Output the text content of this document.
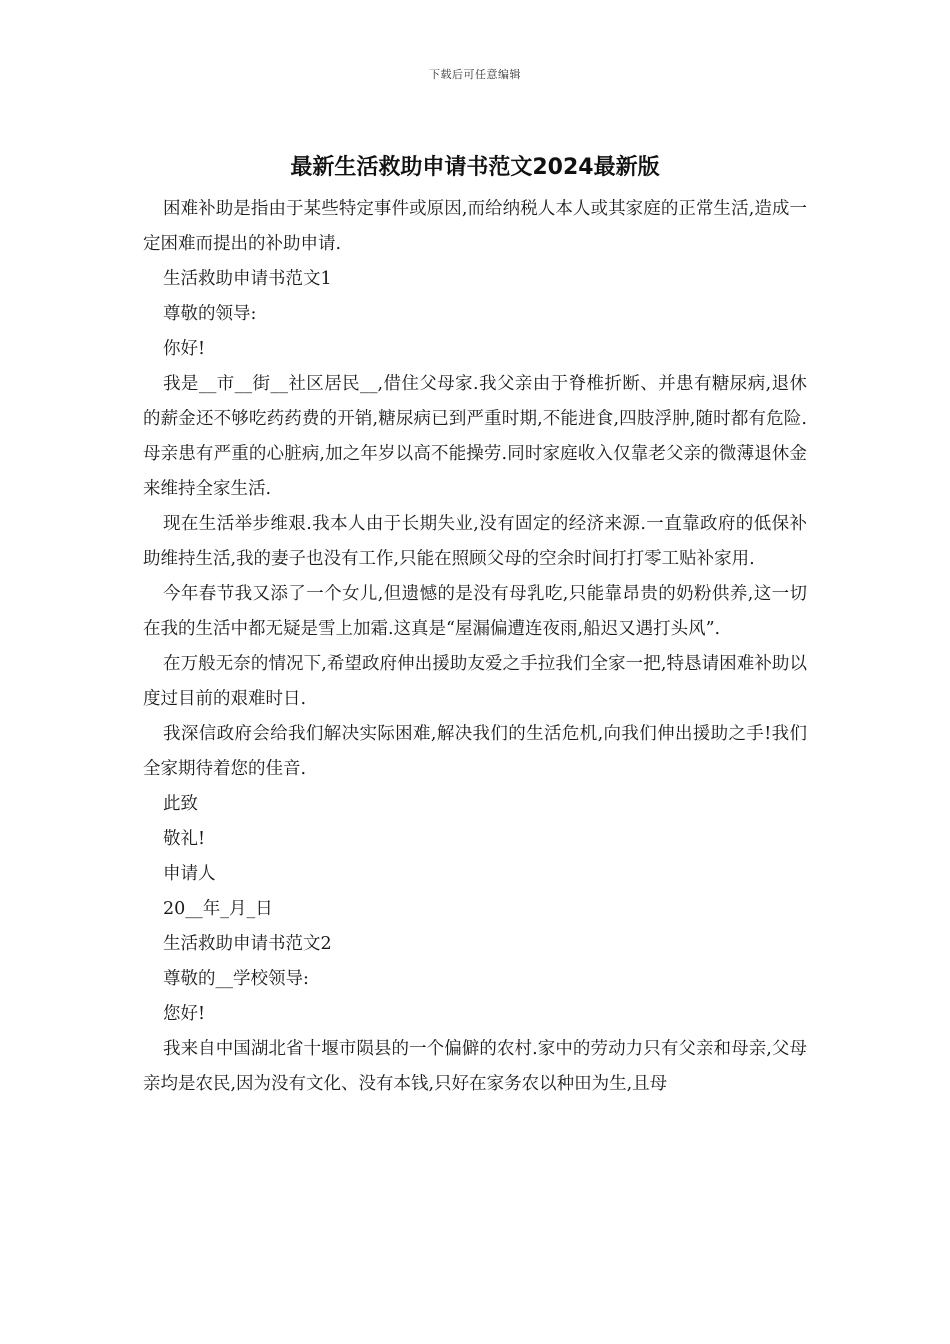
下载后可任意编辑
最新生活救助申请书范文2024最新版

困难补助是指由于某些特定事件或原因,而给纳税人本人或其家庭的正常生活,造成一定困难而提出的补助申请.

生活救助申请书范文1

尊敬的领导:

你好!

我是__市__街__社区居民__,借住父母家.我父亲由于脊椎折断、并患有糖尿病,退休的薪金还不够吃药药费的开销,糖尿病已到严重时期,不能进食,四肢浮肿,随时都有危险.母亲患有严重的心脏病,加之年岁以高不能操劳.同时家庭收入仅靠老父亲的微薄退休金来维持全家生活.

现在生活举步维艰.我本人由于长期失业,没有固定的经济来源.一直靠政府的低保补助维持生活,我的妻子也没有工作,只能在照顾父母的空余时间打打零工贴补家用.

今年春节我又添了一个女儿,但遗憾的是没有母乳吃,只能靠昂贵的奶粉供养,这一切在我的生活中都无疑是雪上加霜.这真是“屋漏偏遭连夜雨,船迟又遇打头风”.

在万般无奈的情况下,希望政府伸出援助友爱之手拉我们全家一把,特恳请困难补助以度过目前的艰难时日.

我深信政府会给我们解决实际困难,解决我们的生活危机,向我们伸出援助之手!我们全家期待着您的佳音.

此致

敬礼!

申请人

20__年_月_日

生活救助申请书范文2

尊敬的__学校领导:

您好!

我来自中国湖北省十堰市陨县的一个偏僻的农村.家中的劳动力只有父亲和母亲,父母亲均是农民,因为没有文化、没有本钱,只好在家务农以种田为生,且母
